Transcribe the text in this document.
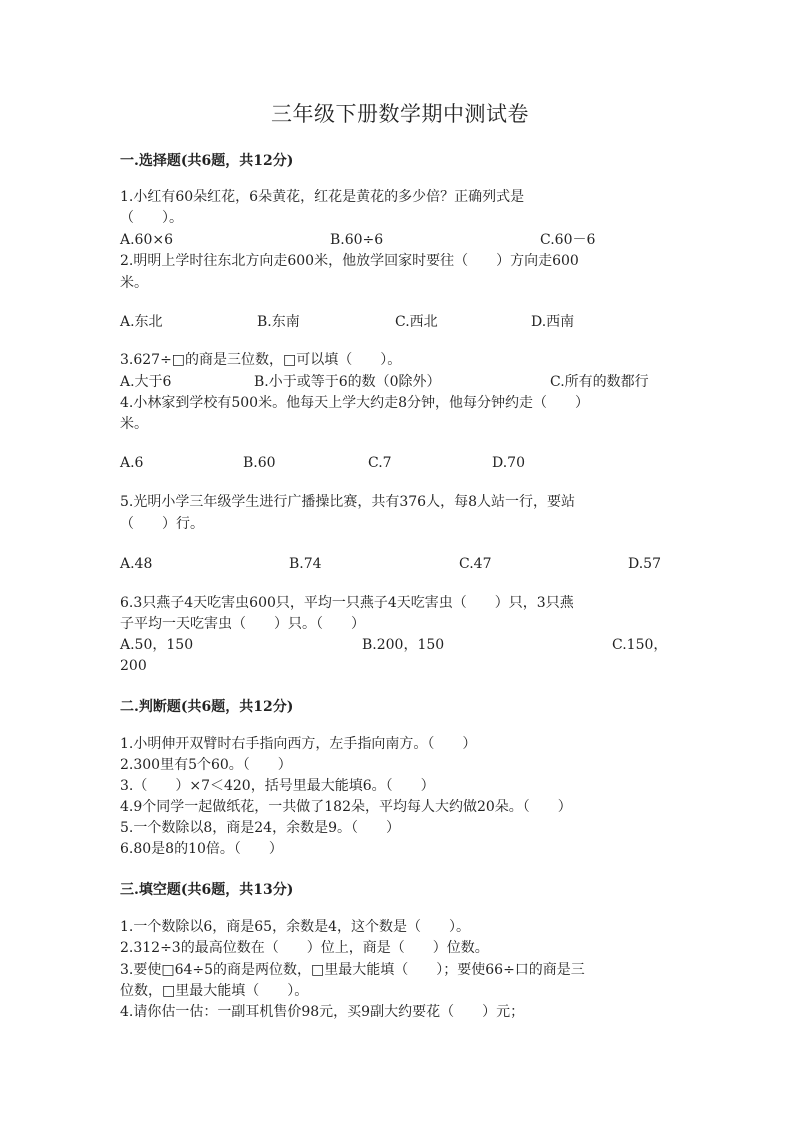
三年级下册数学期中测试卷
一.选择题(共6题，共12分)
1.小红有60朵红花，6朵黄花，红花是黄花的多少倍？正确列式是
（　　）。
A.60×6	B.60÷6	C.60－6
2.明明上学时往东北方向走600米，他放学回家时要往（　　）方向走600
米。
A.东北	B.东南	C.西北	D.西南
3.627÷□的商是三位数，□可以填（　　）。
A.大于6	B.小于或等于6的数（0除外）	C.所有的数都行
4.小林家到学校有500米。他每天上学大约走8分钟，他每分钟约走（　　）
米。
A.6	B.60	C.7	D.70
5.光明小学三年级学生进行广播操比赛，共有376人，每8人站一行，要站
（　　）行。
A.48	B.74	C.47	D.57
6.3只燕子4天吃害虫600只，平均一只燕子4天吃害虫（　　）只，3只燕
子平均一天吃害虫（　　）只。（　　）
A.50，150	B.200，150	C.150，
200
二.判断题(共6题，共12分)
1.小明伸开双臂时右手指向西方，左手指向南方。（　　）
2.300里有5个60。（　　）
3.（　　）×7＜420，括号里最大能填6。（　　）
4.9个同学一起做纸花，一共做了182朵，平均每人大约做20朵。（　　）
5.一个数除以8，商是24，余数是9。（　　）
6.80是8的10倍。（　　）
三.填空题(共6题，共13分)
1.一个数除以6，商是65，余数是4，这个数是（　　）。
2.312÷3的最高位数在（　　）位上，商是（　　）位数。
3.要使□64÷5的商是两位数，□里最大能填（　　）；要使66÷口的商是三
位数，□里最大能填（　　）。
4.请你估一估：一副耳机售价98元，买9副大约要花（　　）元；
